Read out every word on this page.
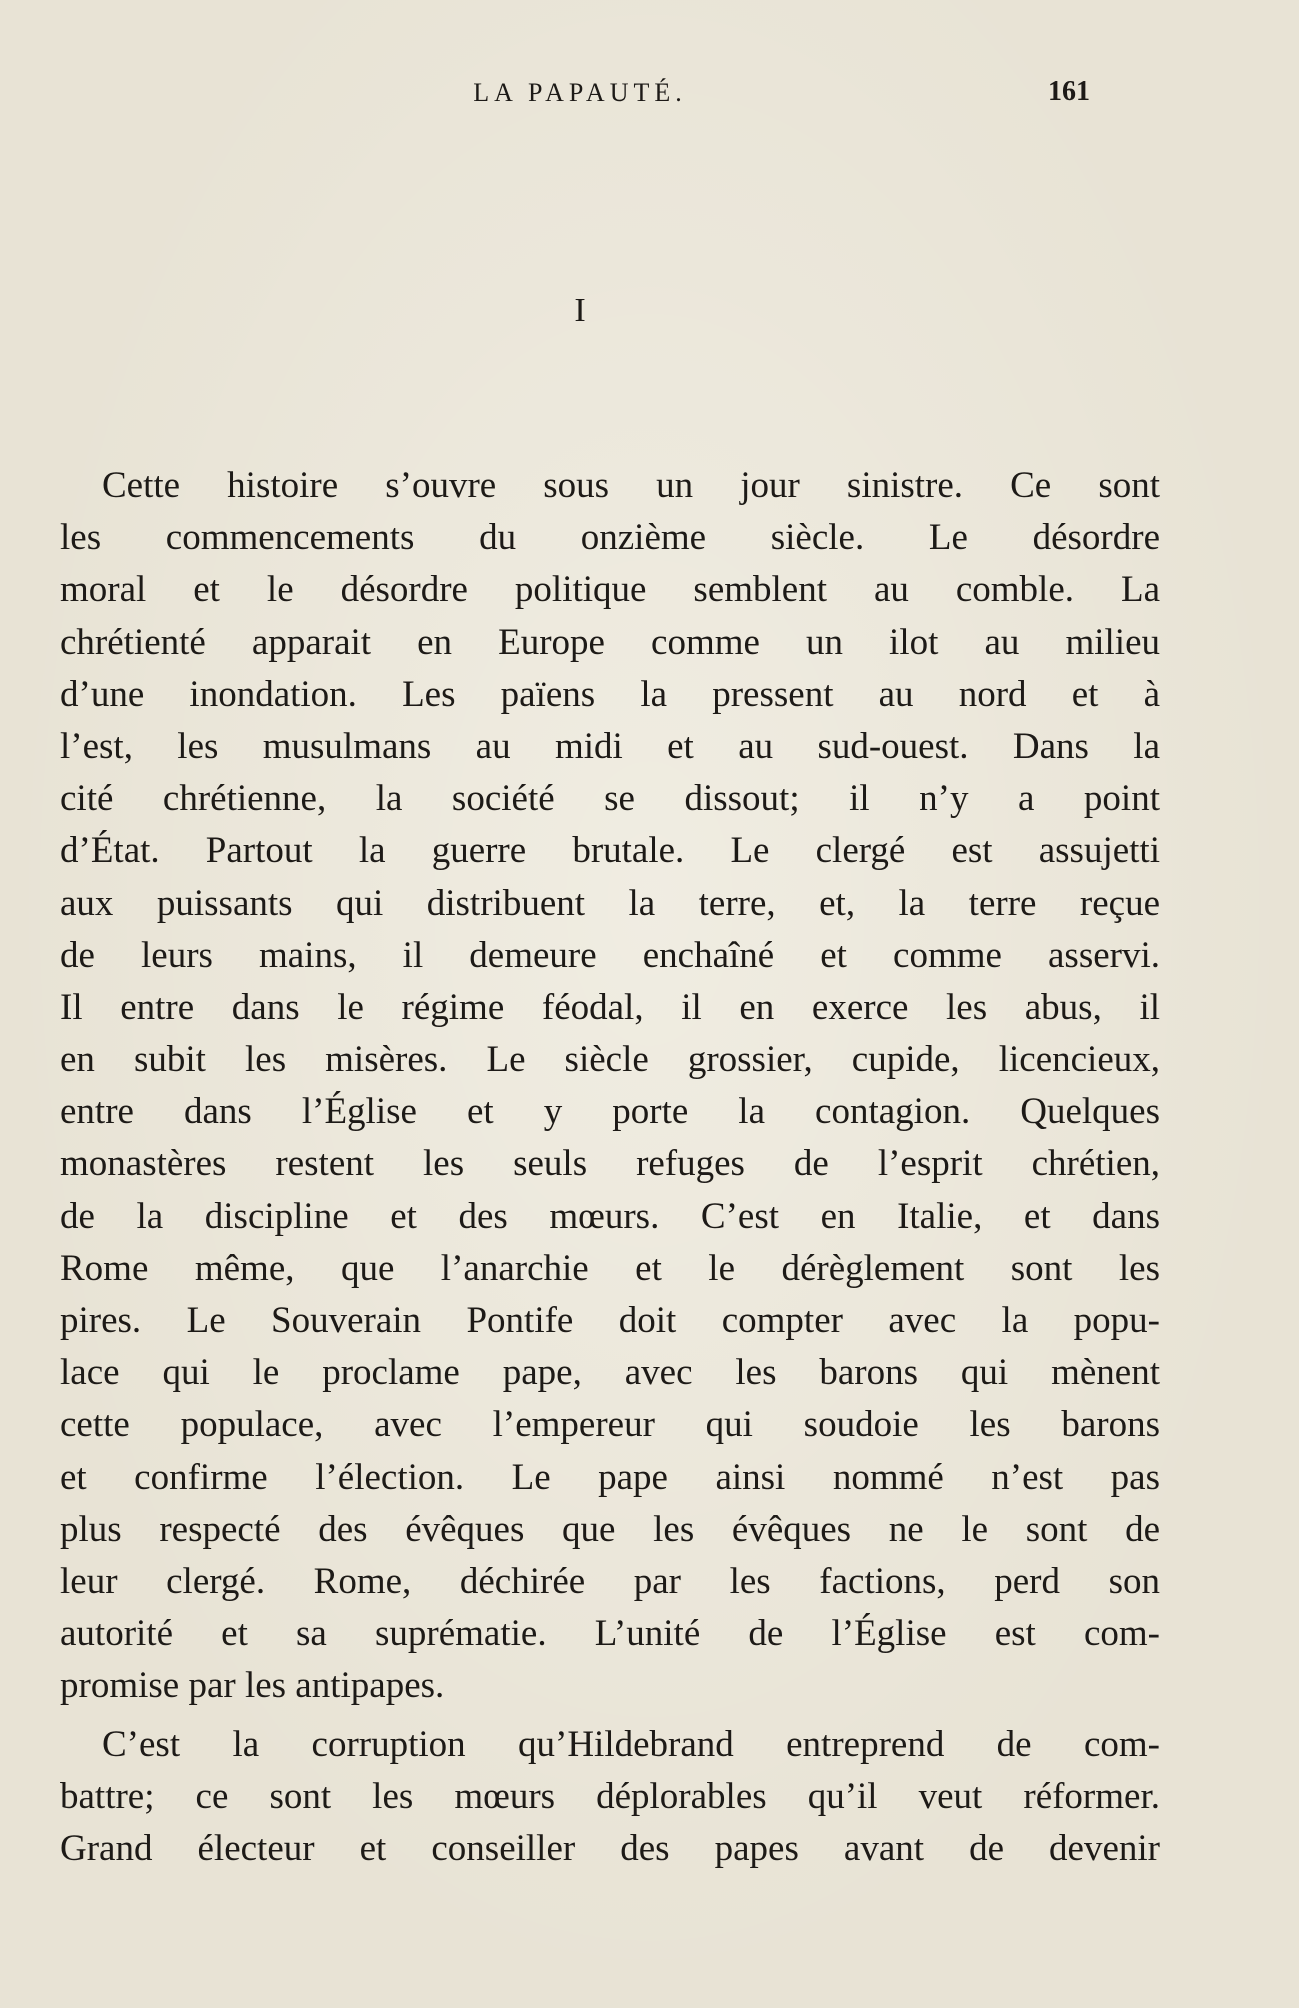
LA PAPAUTÉ.	161
I
Cette histoire s’ouvre sous un jour sinistre. Ce sont
les commencements du onzième siècle. Le désordre
moral et le désordre politique semblent au comble. La
chrétienté apparait en Europe comme un ilot au milieu
d’une inondation. Les païens la pressent au nord et à
l’est, les musulmans au midi et au sud-ouest. Dans la
cité chrétienne, la société se dissout; il n’y a point
d’État. Partout la guerre brutale. Le clergé est assujetti
aux puissants qui distribuent la terre, et, la terre reçue
de leurs mains, il demeure enchaîné et comme asservi.
Il entre dans le régime féodal, il en exerce les abus, il
en subit les misères. Le siècle grossier, cupide, licencieux,
entre dans l’Église et y porte la contagion. Quelques
monastères restent les seuls refuges de l’esprit chrétien,
de la discipline et des mœurs. C’est en Italie, et dans
Rome même, que l’anarchie et le dérèglement sont les
pires. Le Souverain Pontife doit compter avec la popu-
lace qui le proclame pape, avec les barons qui mènent
cette populace, avec l’empereur qui soudoie les barons
et confirme l’élection. Le pape ainsi nommé n’est pas
plus respecté des évêques que les évêques ne le sont de
leur clergé. Rome, déchirée par les factions, perd son
autorité et sa suprématie. L’unité de l’Église est com-
promise par les antipapes.
C’est la corruption qu’Hildebrand entreprend de com-
battre; ce sont les mœurs déplorables qu’il veut réformer.
Grand électeur et conseiller des papes avant de devenir
